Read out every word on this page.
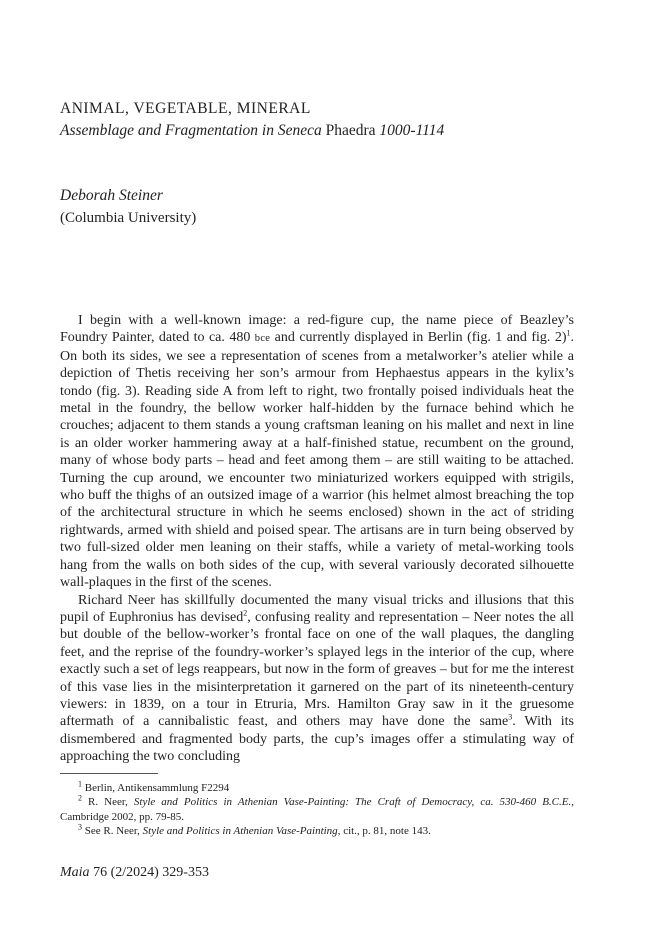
ANIMAL, VEGETABLE, MINERAL
Assemblage and Fragmentation in Seneca Phaedra 1000-1114
Deborah Steiner
(Columbia University)

I begin with a well-known image: a red-figure cup, the name piece of Beazley’s Foundry Painter, dated to ca. 480 bce and currently displayed in Berlin (fig. 1 and fig. 2)$^1$. On both its sides, we see a representation of scenes from a metalworker’s atelier while a depiction of Thetis receiving her son’s armour from Hephaestus appears in the kylix’s tondo (fig. 3). Reading side A from left to right, two frontally poised individuals heat the metal in the foundry, the bellow worker half-hidden by the furnace behind which he crouches; adjacent to them stands a young craftsman leaning on his mallet and next in line is an older worker hammering away at a half-finished statue, recumbent on the ground, many of whose body parts – head and feet among them – are still waiting to be attached. Turning the cup around, we encounter two miniaturized workers equipped with strigils, who buff the thighs of an outsized image of a warrior (his helmet almost breaching the top of the architectural structure in which he seems enclosed) shown in the act of striding rightwards, armed with shield and poised spear. The artisans are in turn being observed by two full-sized older men leaning on their staffs, while a variety of metal-working tools hang from the walls on both sides of the cup, with several variously decorated silhouette wall-plaques in the first of the scenes.

Richard Neer has skillfully documented the many visual tricks and illusions that this pupil of Euphronius has devised$^2$, confusing reality and representation – Neer notes the all but double of the bellow-worker’s frontal face on one of the wall plaques, the dangling feet, and the reprise of the foundry-worker’s splayed legs in the interior of the cup, where exactly such a set of legs reappears, but now in the form of greaves – but for me the interest of this vase lies in the misinterpretation it garnered on the part of its nineteenth-century viewers: in 1839, on a tour in Etruria, Mrs. Hamilton Gray saw in it the gruesome aftermath of a cannibalistic feast, and others may have done the same$^3$. With its dismembered and fragmented body parts, the cup’s images offer a stimulating way of approaching the two concluding

$^1$ Berlin, Antikensammlung F2294

$^2$ R. Neer, Style and Politics in Athenian Vase-Painting: The Craft of Democracy, ca. 530-460 B.C.E., Cambridge 2002, pp. 79-85.

$^3$ See R. Neer, Style and Politics in Athenian Vase-Painting, cit., p. 81, note 143.

Maia 76 (2/2024) 329-353
